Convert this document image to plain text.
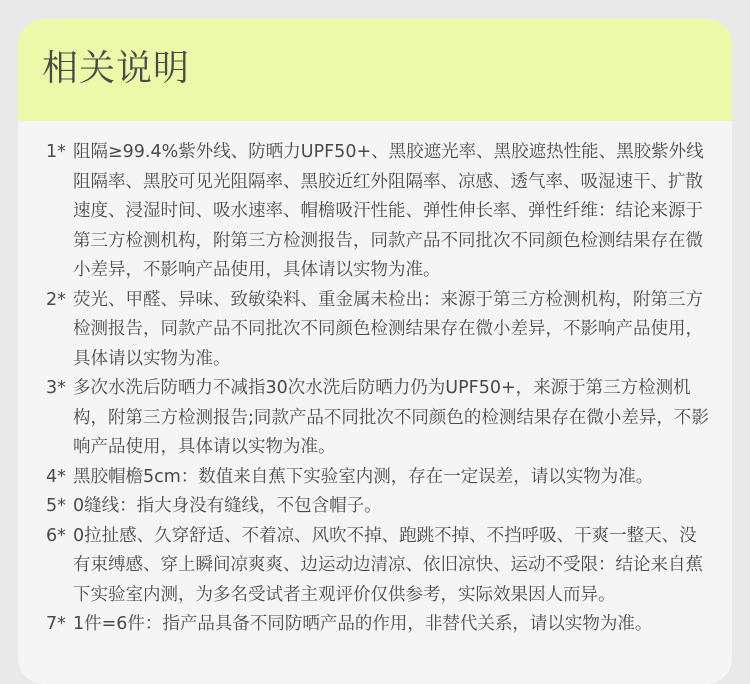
相关说明
1* 阻隔≥99.4%紫外线、防晒力UPF50+、黑胶遮光率、黑胶遮热性能、黑胶紫外线阻隔率、黑胶可见光阻隔率、黑胶近红外阻隔率、凉感、透气率、吸湿速干、扩散速度、浸湿时间、吸水速率、帽檐吸汗性能、弹性伸长率、弹性纤维：结论来源于第三方检测机构，附第三方检测报告，同款产品不同批次不同颜色检测结果存在微小差异，不影响产品使用，具体请以实物为准。
2* 荧光、甲醛、异味、致敏染料、重金属未检出：来源于第三方检测机构，附第三方检测报告，同款产品不同批次不同颜色检测结果存在微小差异，不影响产品使用，具体请以实物为准。
3* 多次水洗后防晒力不减指30次水洗后防晒力仍为UPF50+，来源于第三方检测机构，附第三方检测报告;同款产品不同批次不同颜色的检测结果存在微小差异，不影响产品使用，具体请以实物为准。
4* 黑胶帽檐5cm：数值来自蕉下实验室内测，存在一定误差，请以实物为准。
5* 0缝线：指大身没有缝线，不包含帽子。
6* 0拉扯感、久穿舒适、不着凉、风吹不掉、跑跳不掉、不挡呼吸、干爽一整天、没有束缚感、穿上瞬间凉爽爽、边运动边清凉、依旧凉快、运动不受限：结论来自蕉下实验室内测，为多名受试者主观评价仅供参考，实际效果因人而异。
7* 1件=6件：指产品具备不同防晒产品的作用，非替代关系，请以实物为准。
